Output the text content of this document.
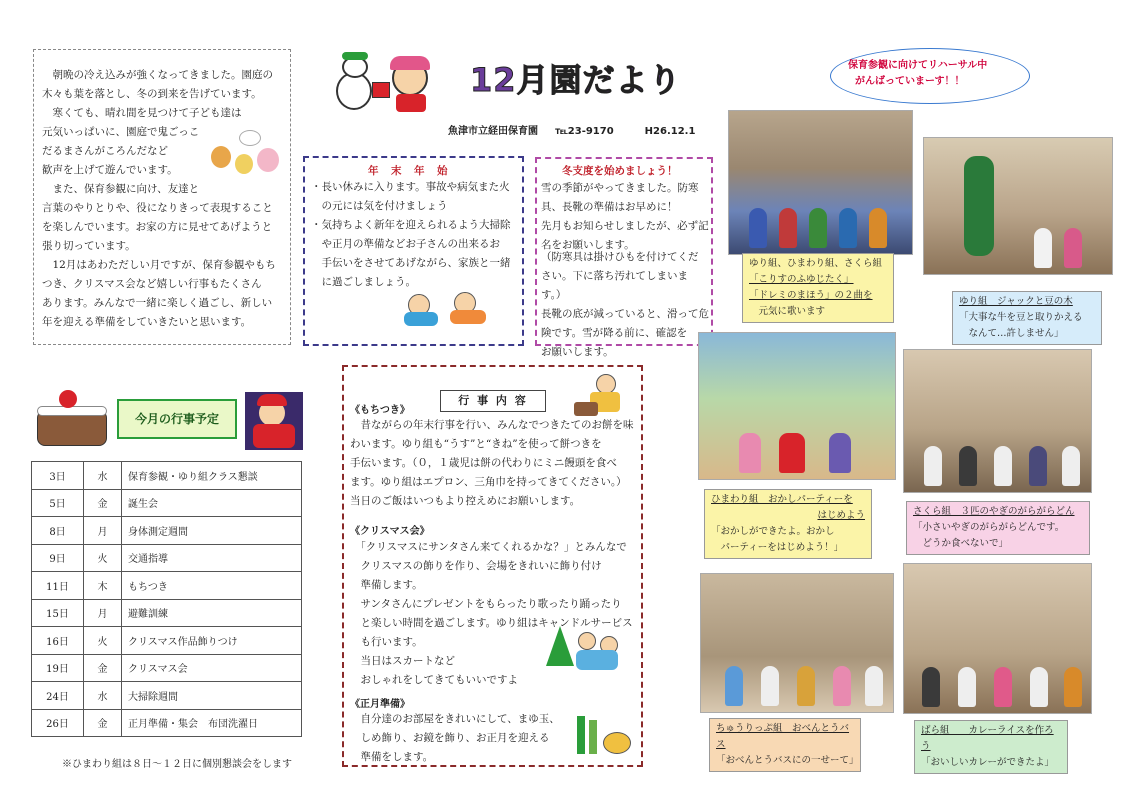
　朝晩の冷え込みが強くなってきました。園庭の
木々も葉を落とし、冬の到来を告げています。
　寒くても、晴れ間を見つけて子ども達は
元気いっぱいに、園庭で鬼ごっこ
だるまさんがころんだなど
歓声を上げて遊んでいます。
　また、保育参観に向け、友達と
言葉のやりとりや、役になりきって表現すること
を楽しんでいます。お家の方に見せてあげようと
張り切っています。
　12月はあわただしい月ですが、保育参観やもち
つき、クリスマス会など嬉しい行事もたくさん
あります。みんなで一緒に楽しく過ごし、新しい
年を迎える準備をしていきたいと思います。
12月園だより
魚津市立経田保育園 ℡23-9170	H26.12.1
保育参観に向けてリハーサル中
がんばっていまーす！！
年　末　年　始
・長い休みに入ります。事故や病気また火
　の元には気を付けましょう
・気持ちよく新年を迎えられるよう大掃除
　や正月の準備などお子さんの出来るお
　手伝いをさせてあげながら、家族と一緒
　に過ごしましょう。
冬支度を始めましょう！
雪の季節がやってきました。防寒
具、長靴の準備はお早めに！
先月もお知らせしましたが、必ず記
名をお願いします。
（防寒具は掛けひもを付けてくだ
さい。下に落ち汚れてしまいます。）
長靴の底が減っていると、滑って危
険です。雪が降る前に、確認を
お願いします。
今月の行事予定
3日	水	保育参観・ゆり組クラス懇談
5日	金	誕生会
8日	月	身体測定週間
9日	火	交通指導
11日	木	もちつき
15日	月	避難訓練
16日	火	クリスマス作品飾りつけ
19日	金	クリスマス会
24日	水	大掃除週間
26日	金	正月準備・集会　布団洗濯日
※ひまわり組は８日～１２日に個別懇談会をします
行 事 内 容
《もちつき》
　昔ながらの年末行事を行い、みんなでつきたてのお餅を味
わいます。ゆり組も“うす”と“きね”を使って餅つきを
手伝います。（０，１歳児は餅の代わりにミニ饅頭を食べ
ます。ゆり組はエプロン、三角巾を持ってきてください。）
当日のご飯はいつもより控えめにお願いします。
《クリスマス会》
　「クリスマスにサンタさん来てくれるかな？」とみんなで
　クリスマスの飾りを作り、会場をきれいに飾り付け
　準備します。
　サンタさんにプレゼントをもらったり歌ったり踊ったり
　と楽しい時間を過ごします。ゆり組はキャンドルサービス
　も行います。
　当日はスカートなど
　おしゃれをしてきてもいいですよ
《正月準備》
　自分達のお部屋をきれいにして、まゆ玉、
　しめ飾り、お鏡を飾り、お正月を迎える
　準備をします。
ゆり組、ひまわり組、さくら組
「こりすのふゆじたく」
「ドレミのまほう」の２曲を
　元気に歌います
ゆり組　ジャックと豆の木
「大事な牛を豆と取りかえる
　なんて…許しません」
ひまわり組　おかしパーティーを
はじめよう
「おかしができたよ。おかし
　パーティーをはじめよう！」
さくら組　３匹のやぎのがらがらどん
「小さいやぎのがらがらどんです。
　どうか食べないで」
ちゅうりっぷ組　おべんとうバス
「おべんとうバスにの一せーて」
ばら組　　カレーライスを作ろう
「おいしいカレーができたよ」
